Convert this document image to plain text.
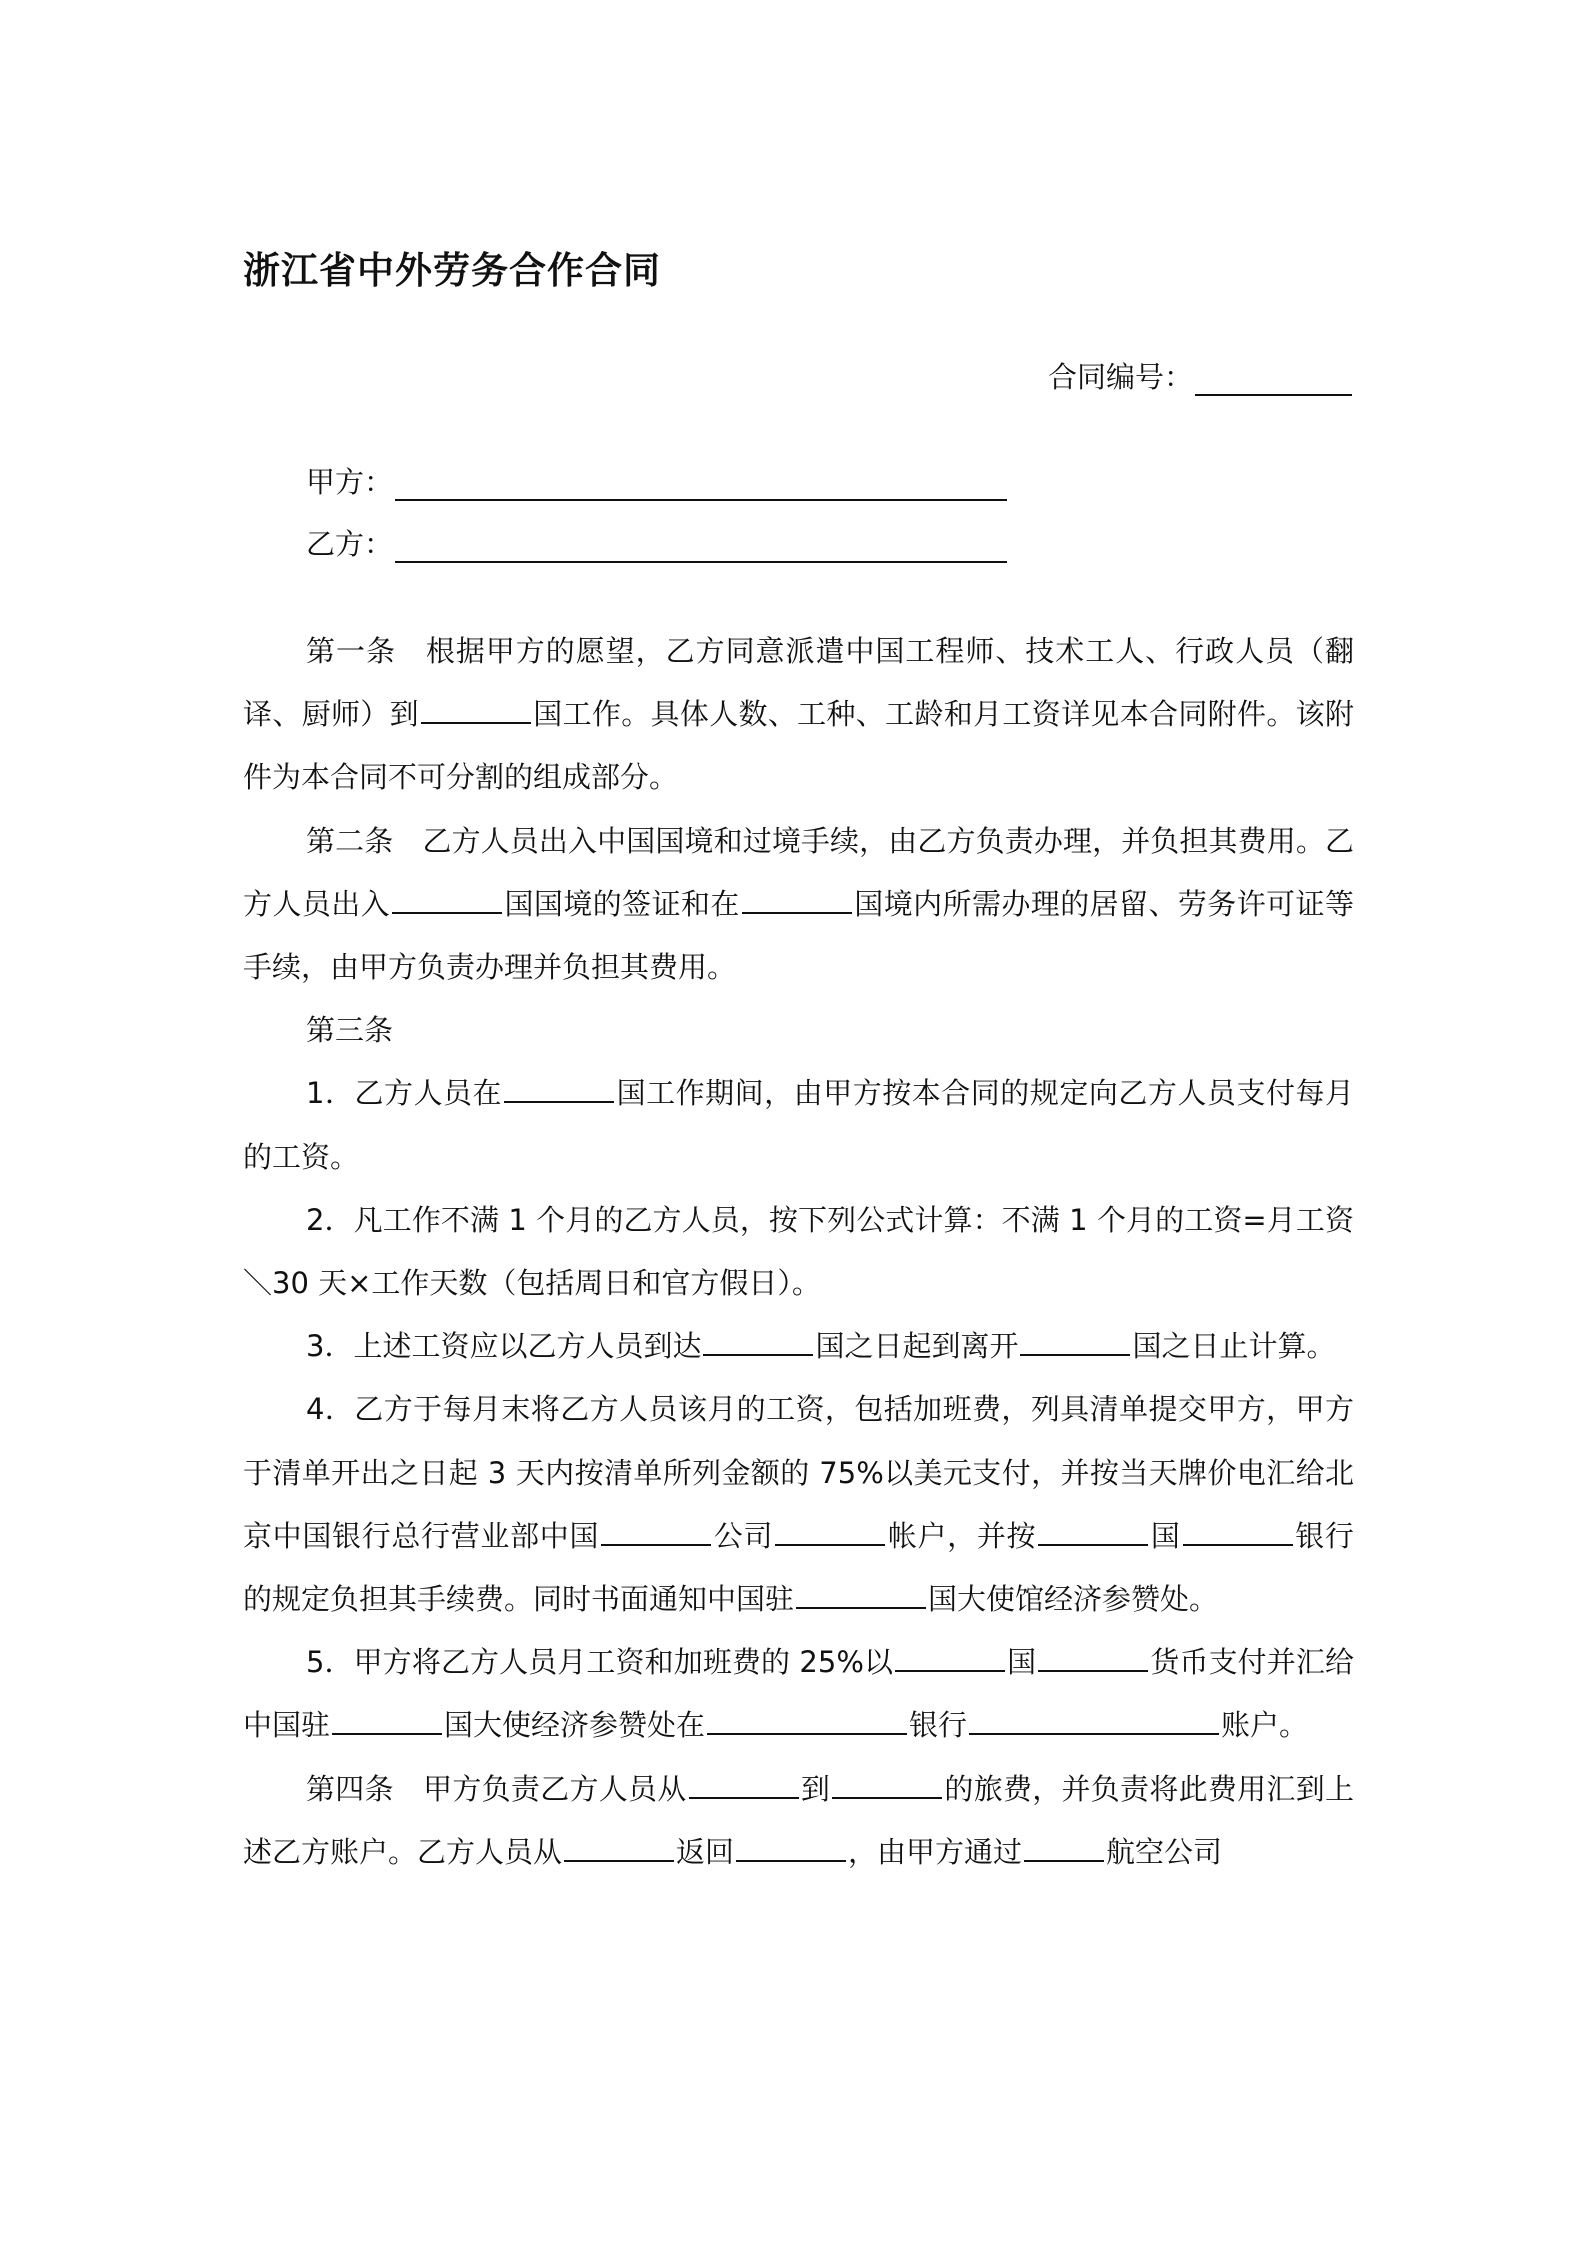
浙江省中外劳务合作合同
合同编号：
甲方：
乙方：

第一条  根据甲方的愿望，乙方同意派遣中国工程师、技术工人、行政人员（翻译、厨师）到	国工作。具体人数、工种、工龄和月工资详见本合同附件。该附件为本合同不可分割的组成部分。

第二条  乙方人员出入中国国境和过境手续，由乙方负责办理，并负担其费用。乙方人员出入	国国境的签证和在	国境内所需办理的居留、劳务许可证等手续，由甲方负责办理并负担其费用。

第三条

1．乙方人员在	国工作期间，由甲方按本合同的规定向乙方人员支付每月的工资。

2．凡工作不满 1 个月的乙方人员，按下列公式计算：不满 1 个月的工资=月工资＼30 天×工作天数（包括周日和官方假日）。

3．上述工资应以乙方人员到达	国之日起到离开	国之日止计算。

4．乙方于每月末将乙方人员该月的工资，包括加班费，列具清单提交甲方，甲方于清单开出之日起 3 天内按清单所列金额的 75%以美元支付，并按当天牌价电汇给北京中国银行总行营业部中国	公司	帐户，并按	国	银行的规定负担其手续费。同时书面通知中国驻	国大使馆经济参赞处。

5．甲方将乙方人员月工资和加班费的 25%以	国	货币支付并汇给中国驻	国大使经济参赞处在	银行	账户。

第四条  甲方负责乙方人员从	到	的旅费，并负责将此费用汇到上述乙方账户。乙方人员从	返回	，由甲方通过	航空公司
